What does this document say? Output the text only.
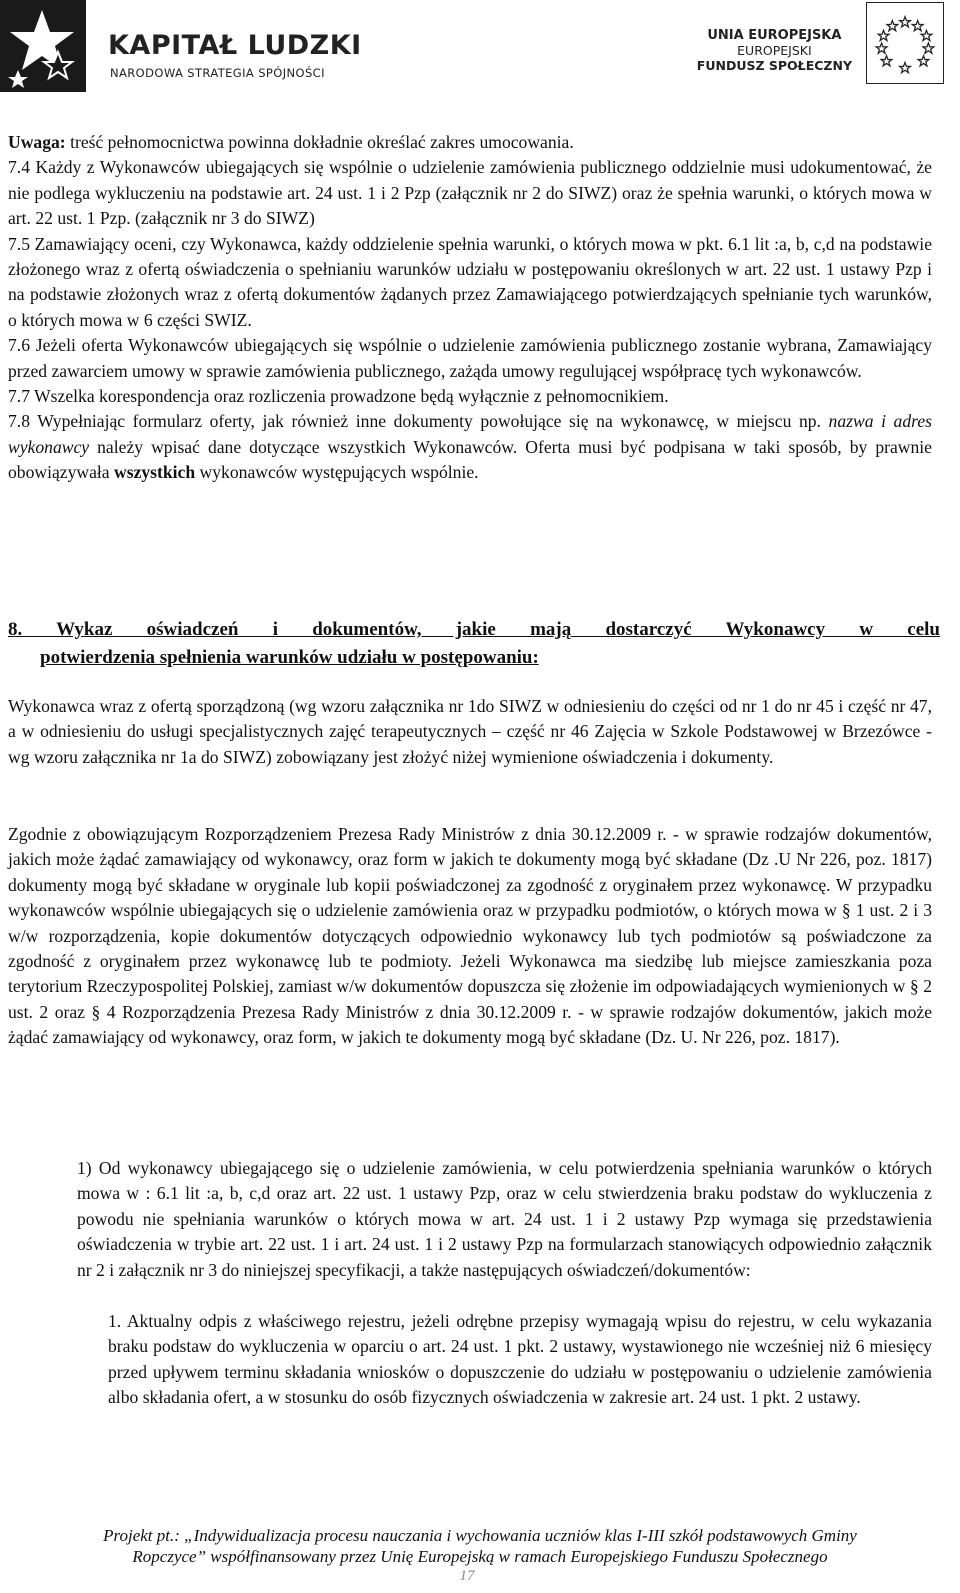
KAPITAŁ LUDZKI
NARODOWA STRATEGIA SPÓJNOŚCI
UNIA EUROPEJSKA
EUROPEJSKI
FUNDUSZ SPOŁECZNY

Uwaga: treść pełnomocnictwa powinna dokładnie określać zakres umocowania.

7.4 Każdy z Wykonawców ubiegających się wspólnie o udzielenie zamówienia publicznego oddzielnie musi udokumentować, że nie podlega wykluczeniu na podstawie art. 24 ust. 1 i 2 Pzp (załącznik nr 2 do SIWZ) oraz że spełnia warunki, o których mowa w art. 22 ust. 1 Pzp. (załącznik nr 3 do SIWZ)

7.5 Zamawiający oceni, czy Wykonawca, każdy oddzielenie spełnia warunki, o których mowa w pkt. 6.1 lit :a, b, c,d na podstawie złożonego wraz z ofertą oświadczenia o spełnianiu warunków udziału w postępowaniu określonych w art. 22 ust. 1 ustawy Pzp i na podstawie złożonych wraz z ofertą dokumentów żądanych przez Zamawiającego potwierdzających spełnianie tych warunków, o których mowa w 6 części SWIZ.

7.6 Jeżeli oferta Wykonawców ubiegających się wspólnie o udzielenie zamówienia publicznego zostanie wybrana, Zamawiający przed zawarciem umowy w sprawie zamówienia publicznego, zażąda umowy regulującej współpracę tych wykonawców.

7.7 Wszelka korespondencja oraz rozliczenia prowadzone będą wyłącznie z pełnomocnikiem.

7.8 Wypełniając formularz oferty, jak również inne dokumenty powołujące się na wykonawcę, w miejscu np. nazwa i adres wykonawcy należy wpisać dane dotyczące wszystkich Wykonawców. Oferta musi być podpisana w taki sposób, by prawnie obowiązywała wszystkich wykonawców występujących wspólnie.

8. Wykaz oświadczeń i dokumentów, jakie mają dostarczyć Wykonawcy w celu
potwierdzenia spełnienia warunków udziału w postępowaniu:

Wykonawca wraz z ofertą sporządzoną (wg wzoru załącznika nr 1do SIWZ w odniesieniu do części od nr 1 do nr 45 i część nr 47, a w odniesieniu do usługi specjalistycznych zajęć terapeutycznych – część nr 46 Zajęcia w Szkole Podstawowej w Brzezówce - wg wzoru załącznika nr 1a do SIWZ) zobowiązany jest złożyć niżej wymienione oświadczenia i dokumenty.

Zgodnie z obowiązującym Rozporządzeniem Prezesa Rady Ministrów z dnia 30.12.2009 r. - w sprawie rodzajów dokumentów, jakich może żądać zamawiający od wykonawcy, oraz form w jakich te dokumenty mogą być składane (Dz .U Nr 226, poz. 1817) dokumenty mogą być składane w oryginale lub kopii poświadczonej za zgodność z oryginałem przez wykonawcę. W przypadku wykonawców wspólnie ubiegających się o udzielenie zamówienia oraz w przypadku podmiotów, o których mowa w § 1 ust. 2 i 3 w/w rozporządzenia, kopie dokumentów dotyczących odpowiednio wykonawcy lub tych podmiotów są poświadczone za zgodność z oryginałem przez wykonawcę lub te podmioty. Jeżeli Wykonawca ma siedzibę lub miejsce zamieszkania poza terytorium Rzeczypospolitej Polskiej, zamiast w/w dokumentów dopuszcza się złożenie im odpowiadających wymienionych w § 2 ust. 2 oraz § 4 Rozporządzenia Prezesa Rady Ministrów z dnia 30.12.2009 r. - w sprawie rodzajów dokumentów, jakich może żądać zamawiający od wykonawcy, oraz form, w jakich te dokumenty mogą być składane (Dz. U. Nr 226, poz. 1817).

1) Od wykonawcy ubiegającego się o udzielenie zamówienia, w celu potwierdzenia spełniania warunków o których mowa w : 6.1 lit :a, b, c,d oraz art. 22 ust. 1 ustawy Pzp, oraz w celu stwierdzenia braku podstaw do wykluczenia z powodu nie spełniania warunków o których mowa w art. 24 ust. 1 i 2 ustawy Pzp wymaga się przedstawienia oświadczenia w trybie art. 22 ust. 1 i art. 24 ust. 1 i 2 ustawy Pzp na formularzach stanowiących odpowiednio załącznik nr 2 i załącznik nr 3 do niniejszej specyfikacji, a także następujących oświadczeń/dokumentów:

1. Aktualny odpis z właściwego rejestru, jeżeli odrębne przepisy wymagają wpisu do rejestru, w celu wykazania braku podstaw do wykluczenia w oparciu o art. 24 ust. 1 pkt. 2 ustawy, wystawionego nie wcześniej niż 6 miesięcy przed upływem terminu składania wniosków o dopuszczenie do udziału w postępowaniu o udzielenie zamówienia albo składania ofert, a w stosunku do osób fizycznych oświadczenia w zakresie art. 24 ust. 1 pkt. 2 ustawy.

Projekt pt.: „Indywidualizacja procesu nauczania i wychowania uczniów klas I-III szkół podstawowych Gminy
Ropczyce” współfinansowany przez Unię Europejską w ramach Europejskiego Funduszu Społecznego
17
